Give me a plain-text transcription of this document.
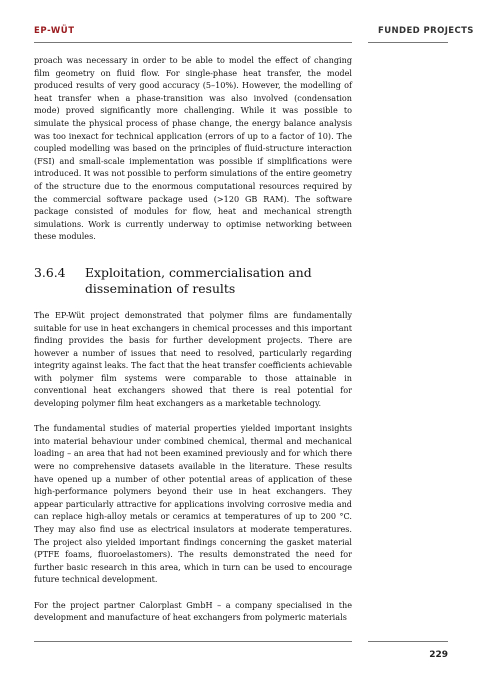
EP-WÜT	FUNDED PROJECTS

proach was necessary in order to be able to model the effect of changing film geometry on fluid flow. For single-phase heat transfer, the model produced results of very good accuracy (5–10%). However, the modelling of heat transfer when a phase-transition was also involved (condensation mode) proved significantly more challenging. While it was possible to simulate the physical process of phase change, the energy balance analysis was too inexact for technical application (errors of up to a factor of 10). The coupled modelling was based on the principles of fluid-structure interaction (FSI) and small-scale implementation was possible if simplifications were introduced. It was not possible to perform simulations of the entire geometry of the structure due to the enormous computational resources required by the commercial software package used (>120 GB RAM). The software package consisted of modules for flow, heat and mechanical strength simulations. Work is currently underway to optimise networking between these modules.

3.6.4	Exploitation, commercialisation and dissemination of results

The EP-Wüt project demonstrated that polymer films are fundamentally suitable for use in heat exchangers in chemical processes and this important finding provides the basis for further development projects. There are however a number of issues that need to resolved, particularly regarding integrity against leaks. The fact that the heat transfer coefficients achievable with polymer film systems were comparable to those attainable in conventional heat exchangers showed that there is real potential for developing polymer film heat exchangers as a marketable technology.

The fundamental studies of material properties yielded important insights into material behaviour under combined chemical, thermal and mechanical loading – an area that had not been examined previously and for which there were no comprehensive datasets available in the literature. These results have opened up a number of other potential areas of application of these high-performance polymers beyond their use in heat exchangers. They appear particularly attractive for applications involving corrosive media and can replace high-alloy metals or ceramics at temperatures of up to 200 °C. They may also find use as electrical insulators at moderate temperatures. The project also yielded important findings concerning the gasket material (PTFE foams, fluoroelastomers). The results demonstrated the need for further basic research in this area, which in turn can be used to encourage future technical development.

For the project partner Calorplast GmbH – a company specialised in the development and manufacture of heat exchangers from polymeric materials

229
